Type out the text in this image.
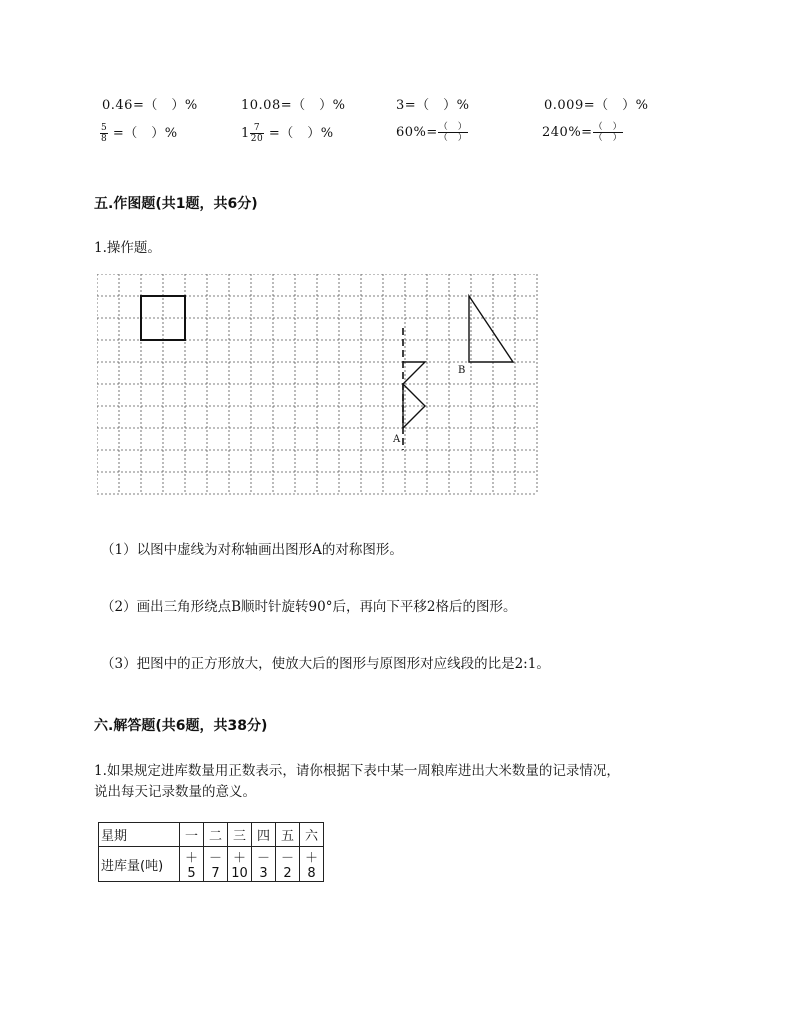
0.46=（　）%	10.08=（　）%	3=（　）%	0.009=（　）%
$\frac{5}{8}$ =（　）%	$1 \frac{7}{20}$ =（　）%	$60\%= \frac{( )}{( )}$	$240\%= \frac{( )}{( )}$
五.作图题(共1题，共6分)
1.操作题。
A
B
（1）以图中虚线为对称轴画出图形A的对称图形。
（2）画出三角形绕点B顺时针旋转90°后，再向下平移2格后的图形。
（3）把图中的正方形放大，使放大后的图形与原图形对应线段的比是2:1。
六.解答题(共6题，共38分)
1.如果规定进库数量用正数表示，请你根据下表中某一周粮库进出大米数量的记录情况，
说出每天记录数量的意义。
星期	一	二	三	四	五	六
进库量(吨)	＋5	－7	＋10	－3	－2	＋8
